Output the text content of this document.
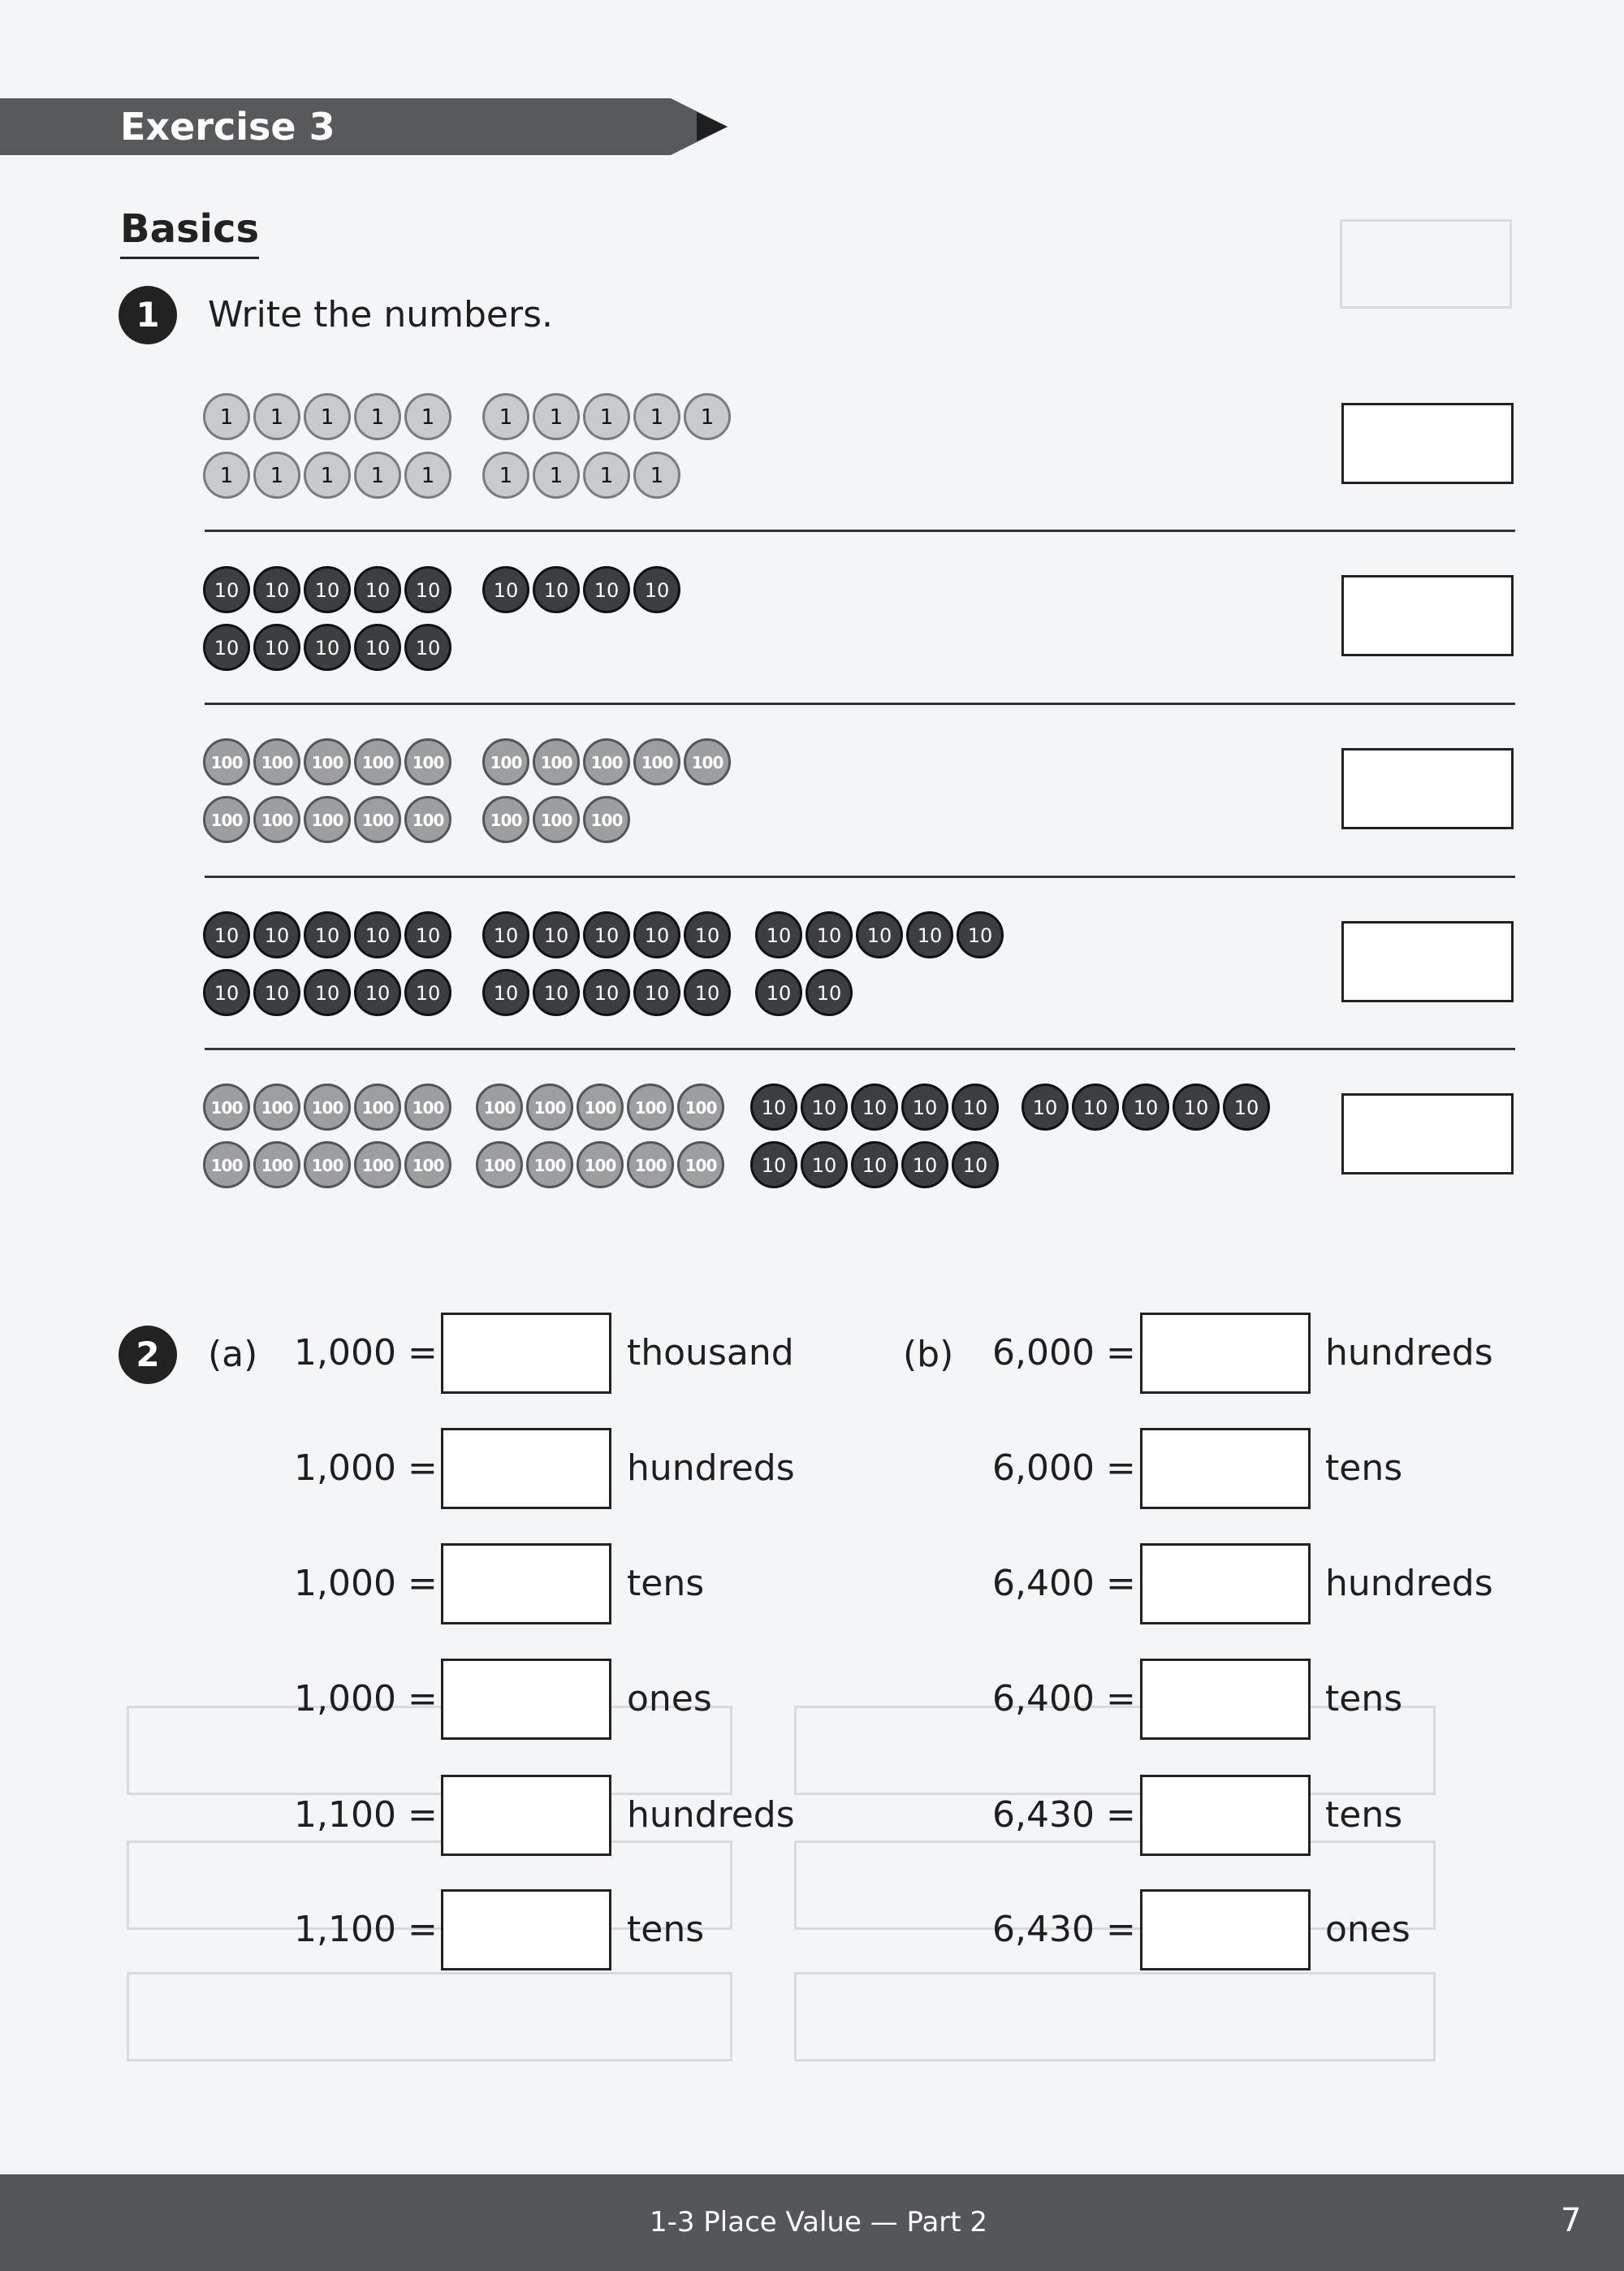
Exercise 3
Basics
1	Write the numbers.
1	1	1	1	1	1	1	1	1	1
1	1	1	1	1	1	1	1	1
10	10	10	10	10	10	10	10	10
10	10	10	10	10
100	100	100	100	100	100	100	100	100	100
100	100	100	100	100	100	100	100
10	10	10	10	10	10	10	10	10	10	10	10	10	10	10
10	10	10	10	10	10	10	10	10	10	10	10
100	100	100	100	100	100	100	100	100	100	10	10	10	10	10	10	10	10	10	10
100	100	100	100	100	100	100	100	100	100	10	10	10	10	10
2	(a)	(b)
1,000 =	thousand	6,000 =	hundreds
1,000 =	hundreds	6,000 =	tens
1,000 =	tens	6,400 =	hundreds
1,000 =	ones	6,400 =	tens
1,100 =	hundreds	6,430 =	tens
1,100 =	tens	6,430 =	ones
1-3 Place Value — Part 2	7
